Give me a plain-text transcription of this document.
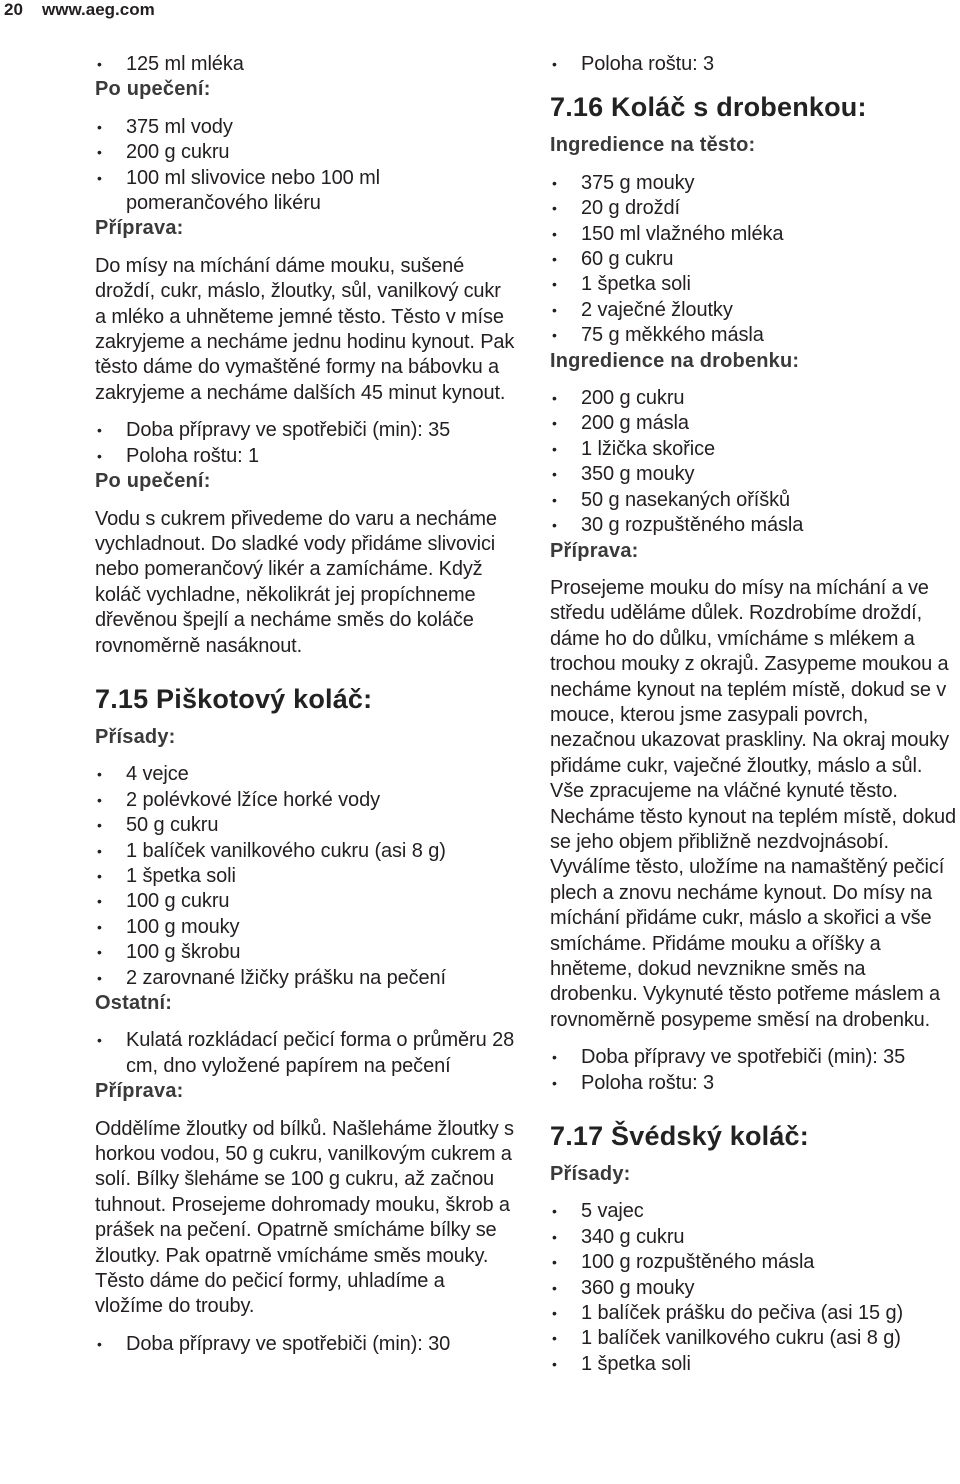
20 www.aeg.com
• 125 ml mléka
Po upečení:
• 375 ml vody
• 200 g cukru
• 100 ml slivovice nebo 100 ml pomerančového likéru
Příprava:

Do mísy na míchání dáme mouku, sušené droždí, cukr, máslo, žloutky, sůl, vanilkový cukr a mléko a uhněteme jemné těsto. Těsto v míse zakryjeme a necháme jednu hodinu kynout. Pak těsto dáme do vymaštěné formy na bábovku a zakryjeme a necháme dalších 45 minut kynout.

• Doba přípravy ve spotřebiči (min): 35
• Poloha roštu: 1
Po upečení:

Vodu s cukrem přivedeme do varu a necháme vychladnout. Do sladké vody přidáme slivovici nebo pomerančový likér a zamícháme. Když koláč vychladne, několikrát jej propíchneme dřevěnou špejlí a necháme směs do koláče rovnoměrně nasáknout.

7.15 Piškotový koláč:
Přísady:
• 4 vejce
• 2 polévkové lžíce horké vody
• 50 g cukru
• 1 balíček vanilkového cukru (asi 8 g)
• 1 špetka soli
• 100 g cukru
• 100 g mouky
• 100 g škrobu
• 2 zarovnané lžičky prášku na pečení
Ostatní:
• Kulatá rozkládací pečicí forma o průměru 28 cm, dno vyložené papírem na pečení
Příprava:

Oddělíme žloutky od bílků. Našleháme žloutky s horkou vodou, 50 g cukru, vanilkovým cukrem a solí. Bílky šleháme se 100 g cukru, až začnou tuhnout. Prosejeme dohromady mouku, škrob a prášek na pečení. Opatrně smícháme bílky se žloutky. Pak opatrně vmícháme směs mouky. Těsto dáme do pečicí formy, uhladíme a vložíme do trouby.

• Doba přípravy ve spotřebiči (min): 30
• Poloha roštu: 3
7.16 Koláč s drobenkou:
Ingredience na těsto:
• 375 g mouky
• 20 g droždí
• 150 ml vlažného mléka
• 60 g cukru
• 1 špetka soli
• 2 vaječné žloutky
• 75 g měkkého másla
Ingredience na drobenku:
• 200 g cukru
• 200 g másla
• 1 lžička skořice
• 350 g mouky
• 50 g nasekaných oříšků
• 30 g rozpuštěného másla
Příprava:

Prosejeme mouku do mísy na míchání a ve středu uděláme důlek. Rozdrobíme droždí, dáme ho do důlku, vmícháme s mlékem a trochou mouky z okrajů. Zasypeme moukou a necháme kynout na teplém místě, dokud se v mouce, kterou jsme zasypali povrch, nezačnou ukazovat praskliny. Na okraj mouky přidáme cukr, vaječné žloutky, máslo a sůl. Vše zpracujeme na vláčné kynuté těsto. Necháme těsto kynout na teplém místě, dokud se jeho objem přibližně nezdvojnásobí. Vyválíme těsto, uložíme na namaštěný pečicí plech a znovu necháme kynout. Do mísy na míchání přidáme cukr, máslo a skořici a vše smícháme. Přidáme mouku a oříšky a hněteme, dokud nevznikne směs na drobenku. Vykynuté těsto potřeme máslem a rovnoměrně posypeme směsí na drobenku.

• Doba přípravy ve spotřebiči (min): 35
• Poloha roštu: 3
7.17 Švédský koláč:
Přísady:
• 5 vajec
• 340 g cukru
• 100 g rozpuštěného másla
• 360 g mouky
• 1 balíček prášku do pečiva (asi 15 g)
• 1 balíček vanilkového cukru (asi 8 g)
• 1 špetka soli
